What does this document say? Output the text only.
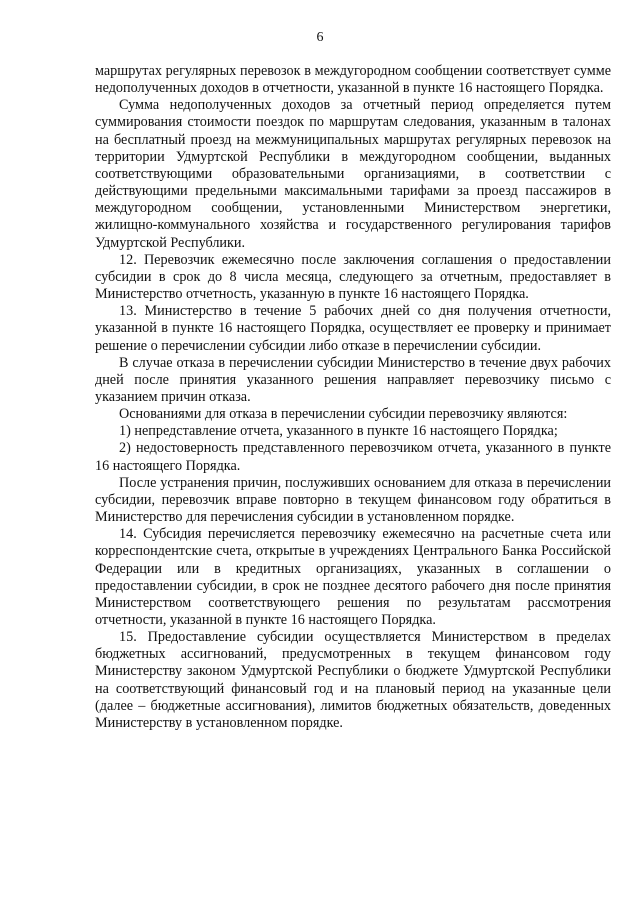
6

маршрутах регулярных перевозок в междугородном сообщении соответствует сумме недополученных доходов в отчетности, указанной в пункте 16 настоящего Порядка.

Сумма недополученных доходов за отчетный период определяется путем суммирования стоимости поездок по маршрутам следования, указанным в талонах на бесплатный проезд на межмуниципальных маршрутах регулярных перевозок на территории Удмуртской Республики в междугородном сообщении, выданных соответствующими образовательными организациями, в соответствии с действующими предельными максимальными тарифами за проезд пассажиров в междугородном сообщении, установленными Министерством энергетики, жилищно-коммунального хозяйства и государственного регулирования тарифов Удмуртской Республики.

12. Перевозчик ежемесячно после заключения соглашения о предоставлении субсидии в срок до 8 числа месяца, следующего за отчетным, предоставляет в Министерство отчетность, указанную в пункте 16 настоящего Порядка.

13. Министерство в течение 5 рабочих дней со дня получения отчетности, указанной в пункте 16 настоящего Порядка, осуществляет ее проверку и принимает решение о перечислении субсидии либо отказе в перечислении субсидии.

В случае отказа в перечислении субсидии Министерство в течение двух рабочих дней после принятия указанного решения направляет перевозчику письмо с указанием причин отказа.

Основаниями для отказа в перечислении субсидии перевозчику являются:

1) непредставление отчета, указанного в пункте 16 настоящего Порядка;

2) недостоверность представленного перевозчиком отчета, указанного в пункте 16 настоящего Порядка.

После устранения причин, послуживших основанием для отказа в перечислении субсидии, перевозчик вправе повторно в текущем финансовом году обратиться в Министерство для перечисления субсидии в установленном порядке.

14. Субсидия перечисляется перевозчику ежемесячно на расчетные счета или корреспондентские счета, открытые в учреждениях Центрального Банка Российской Федерации или в кредитных организациях, указанных в соглашении о предоставлении субсидии, в срок не позднее десятого рабочего дня после принятия Министерством соответствующего решения по результатам рассмотрения отчетности, указанной в пункте 16 настоящего Порядка.

15. Предоставление субсидии осуществляется Министерством в пределах бюджетных ассигнований, предусмотренных в текущем финансовом году Министерству законом Удмуртской Республики о бюджете Удмуртской Республики на соответствующий финансовый год и на плановый период на указанные цели (далее – бюджетные ассигнования), лимитов бюджетных обязательств, доведенных Министерству в установленном порядке.
